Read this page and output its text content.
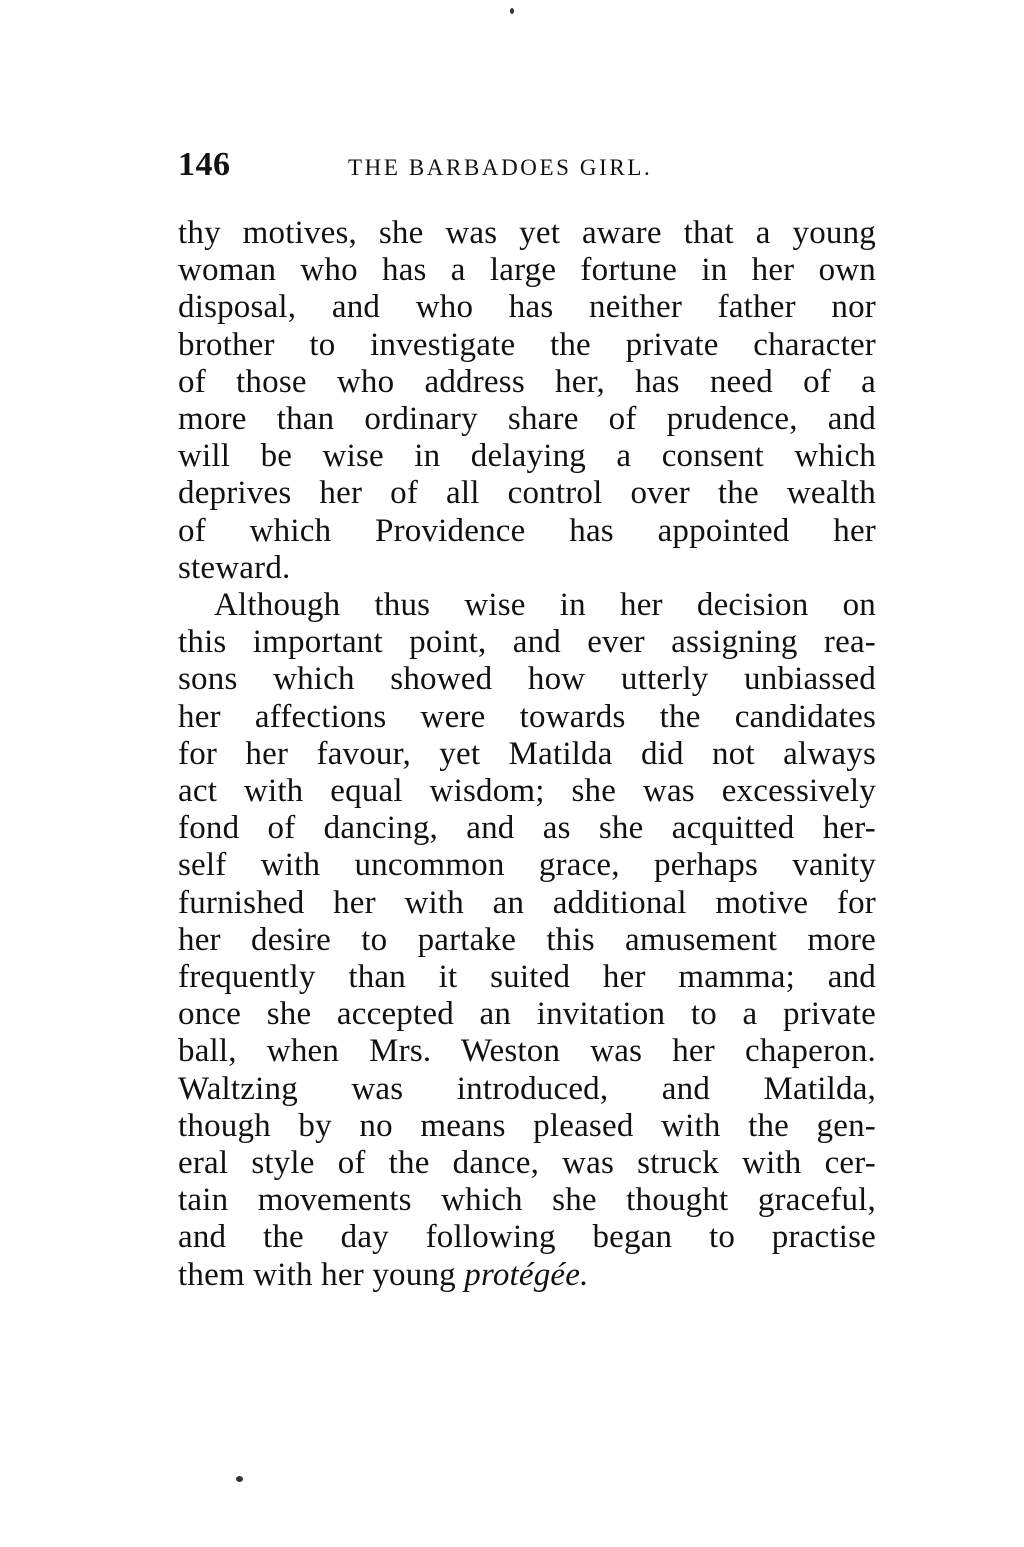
146	THE BARBADOES GIRL.
thy motives, she was yet aware that a young
woman who has a large fortune in her own
disposal, and who has neither father nor
brother to investigate the private character
of those who address her, has need of a
more than ordinary share of prudence, and
will be wise in delaying a consent which
deprives her of all control over the wealth
of which Providence has appointed her
steward.
Although thus wise in her decision on
this important point, and ever assigning rea-
sons which showed how utterly unbiassed
her affections were towards the candidates
for her favour, yet Matilda did not always
act with equal wisdom; she was excessively
fond of dancing, and as she acquitted her-
self with uncommon grace, perhaps vanity
furnished her with an additional motive for
her desire to partake this amusement more
frequently than it suited her mamma; and
once she accepted an invitation to a private
ball, when Mrs. Weston was her chaperon.
Waltzing was introduced, and Matilda,
though by no means pleased with the gen-
eral style of the dance, was struck with cer-
tain movements which she thought graceful,
and the day following began to practise
them with her young protégée.
